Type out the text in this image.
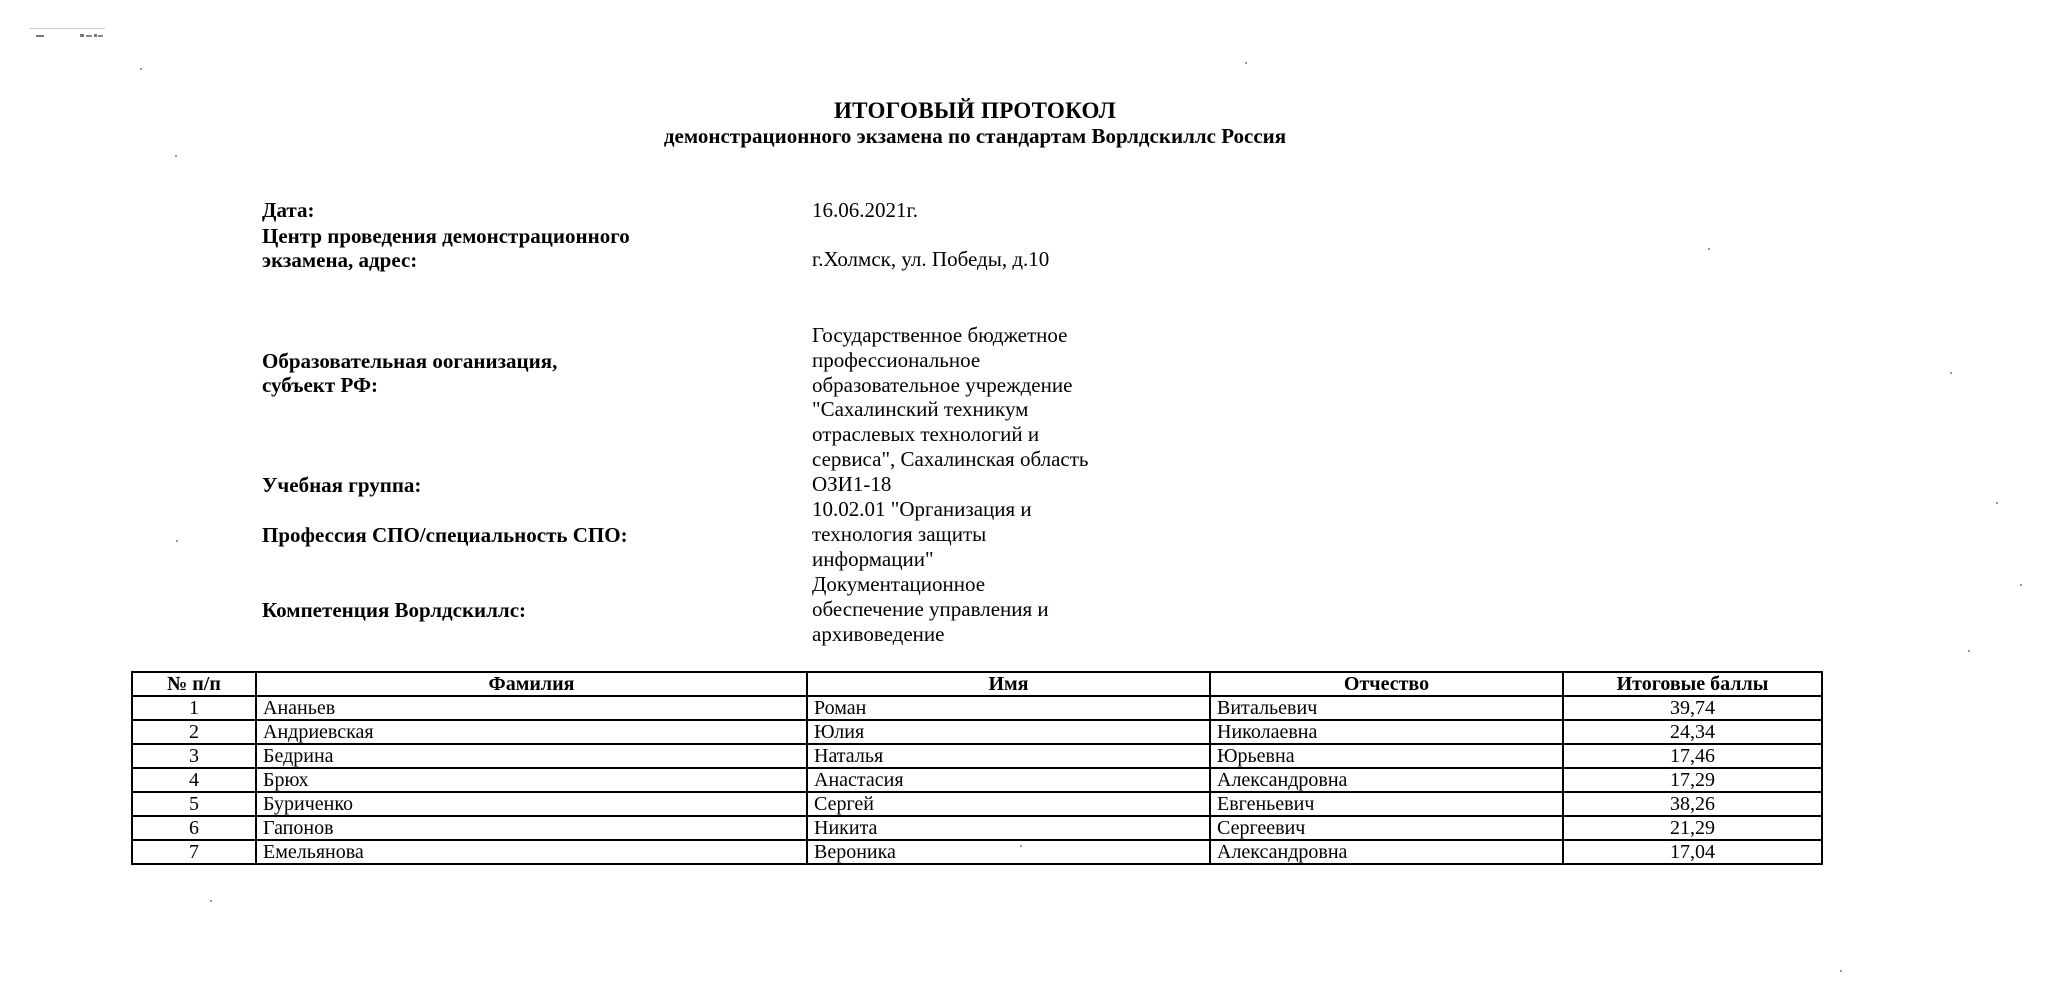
ИТОГОВЫЙ ПРОТОКОЛ
демонстрационного экзамена по стандартам Ворлдскиллс Россия
Дата:	16.06.2021г.
Центр проведения демонстрационного
экзамена, адрес:	г.Холмск, ул. Победы, д.10
Образовательная ооганизация,
субъект РФ:
Государственное бюджетное
профессиональное
образовательное учреждение
"Сахалинский техникум
отраслевых технологий и
сервиса", Сахалинская область
Учебная группа:	ОЗИ1-18
Профессия СПО/специальность СПО:
10.02.01 "Организация и
технология защиты
информации"
Компетенция Ворлдскиллс:
Документационное
обеспечение управления и
архивоведение
№ п/п	Фамилия	Имя	Отчество	Итоговые баллы
1	Ананьев	Роман	Витальевич	39,74
2	Андриевская	Юлия	Николаевна	24,34
3	Бедрина	Наталья	Юрьевна	17,46
4	Брюх	Анастасия	Александровна	17,29
5	Буриченко	Сергей	Евгеньевич	38,26
6	Гапонов	Никита	Сергеевич	21,29
7	Емельянова	Вероника	Александровна	17,04
